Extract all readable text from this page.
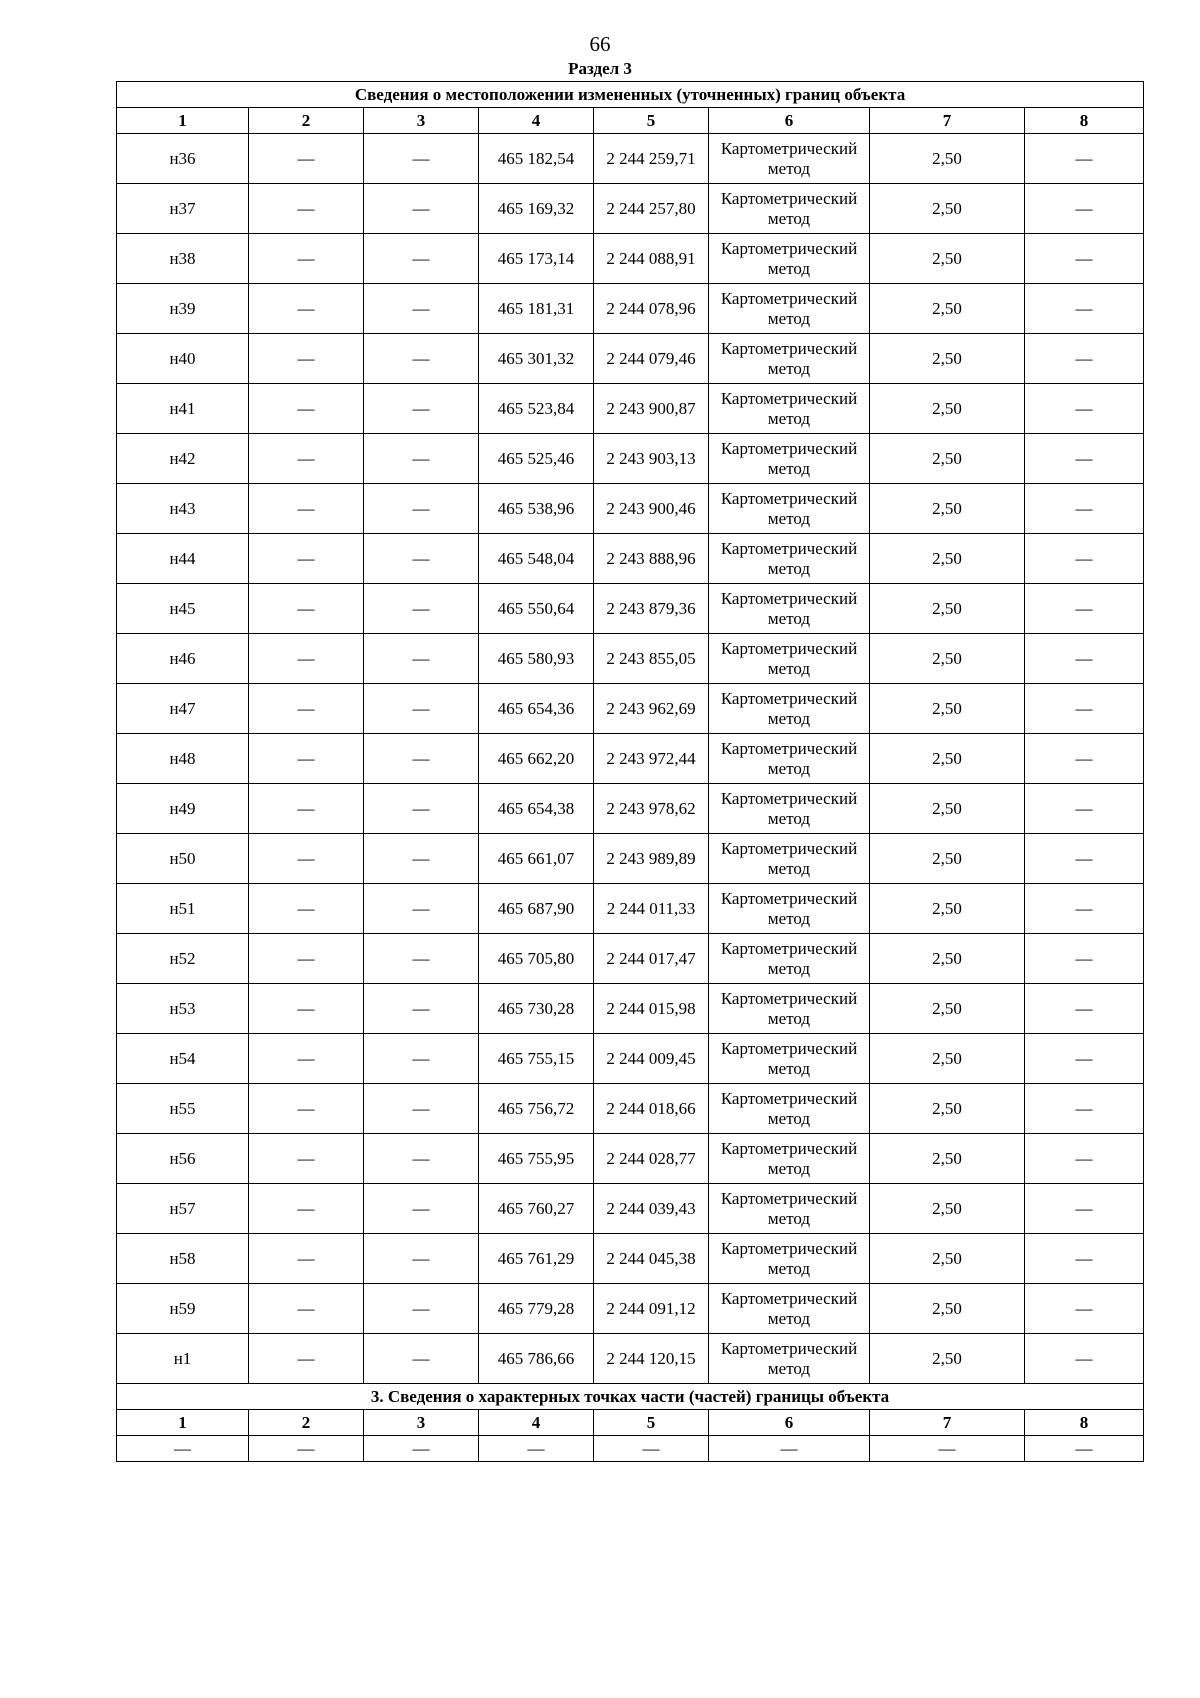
66
Раздел 3
Сведения о местоположении измененных (уточненных) границ объекта							
1	2	3	4	5	6	7	8
н36	—	—	465 182,54	2 244 259,71	Картометрический метод	2,50	—
н37	—	—	465 169,32	2 244 257,80	Картометрический метод	2,50	—
н38	—	—	465 173,14	2 244 088,91	Картометрический метод	2,50	—
н39	—	—	465 181,31	2 244 078,96	Картометрический метод	2,50	—
н40	—	—	465 301,32	2 244 079,46	Картометрический метод	2,50	—
н41	—	—	465 523,84	2 243 900,87	Картометрический метод	2,50	—
н42	—	—	465 525,46	2 243 903,13	Картометрический метод	2,50	—
н43	—	—	465 538,96	2 243 900,46	Картометрический метод	2,50	—
н44	—	—	465 548,04	2 243 888,96	Картометрический метод	2,50	—
н45	—	—	465 550,64	2 243 879,36	Картометрический метод	2,50	—
н46	—	—	465 580,93	2 243 855,05	Картометрический метод	2,50	—
н47	—	—	465 654,36	2 243 962,69	Картометрический метод	2,50	—
н48	—	—	465 662,20	2 243 972,44	Картометрический метод	2,50	—
н49	—	—	465 654,38	2 243 978,62	Картометрический метод	2,50	—
н50	—	—	465 661,07	2 243 989,89	Картометрический метод	2,50	—
н51	—	—	465 687,90	2 244 011,33	Картометрический метод	2,50	—
н52	—	—	465 705,80	2 244 017,47	Картометрический метод	2,50	—
н53	—	—	465 730,28	2 244 015,98	Картометрический метод	2,50	—
н54	—	—	465 755,15	2 244 009,45	Картометрический метод	2,50	—
н55	—	—	465 756,72	2 244 018,66	Картометрический метод	2,50	—
н56	—	—	465 755,95	2 244 028,77	Картометрический метод	2,50	—
н57	—	—	465 760,27	2 244 039,43	Картометрический метод	2,50	—
н58	—	—	465 761,29	2 244 045,38	Картометрический метод	2,50	—
н59	—	—	465 779,28	2 244 091,12	Картометрический метод	2,50	—
н1	—	—	465 786,66	2 244 120,15	Картометрический метод	2,50	—
3. Сведения о характерных точках части (частей) границы объекта							
1	2	3	4	5	6	7	8
—	—	—	—	—	—	—	—
